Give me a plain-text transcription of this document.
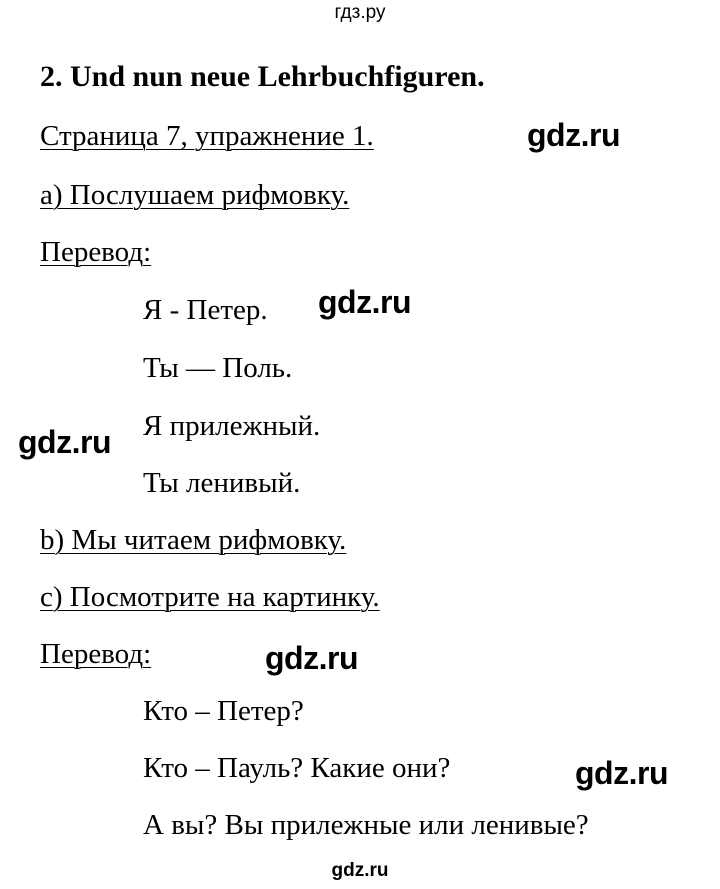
гдз.ру
2. Und nun neue Lehrbuchfiguren.
Страница 7, упражнение 1.	gdz.ru
а) Послушаем рифмовку.
Перевод:
Я - Петер. gdz.ru
Ты — Поль.
gdz.ru Я прилежный.
Ты ленивый.
b) Мы читаем рифмовку.
с) Посмотрите на картинку.
Перевод:	gdz.ru
Кто – Петер?
Кто – Пауль? Какие они?	gdz.ru
А вы? Вы прилежные или ленивые?
gdz.ru
